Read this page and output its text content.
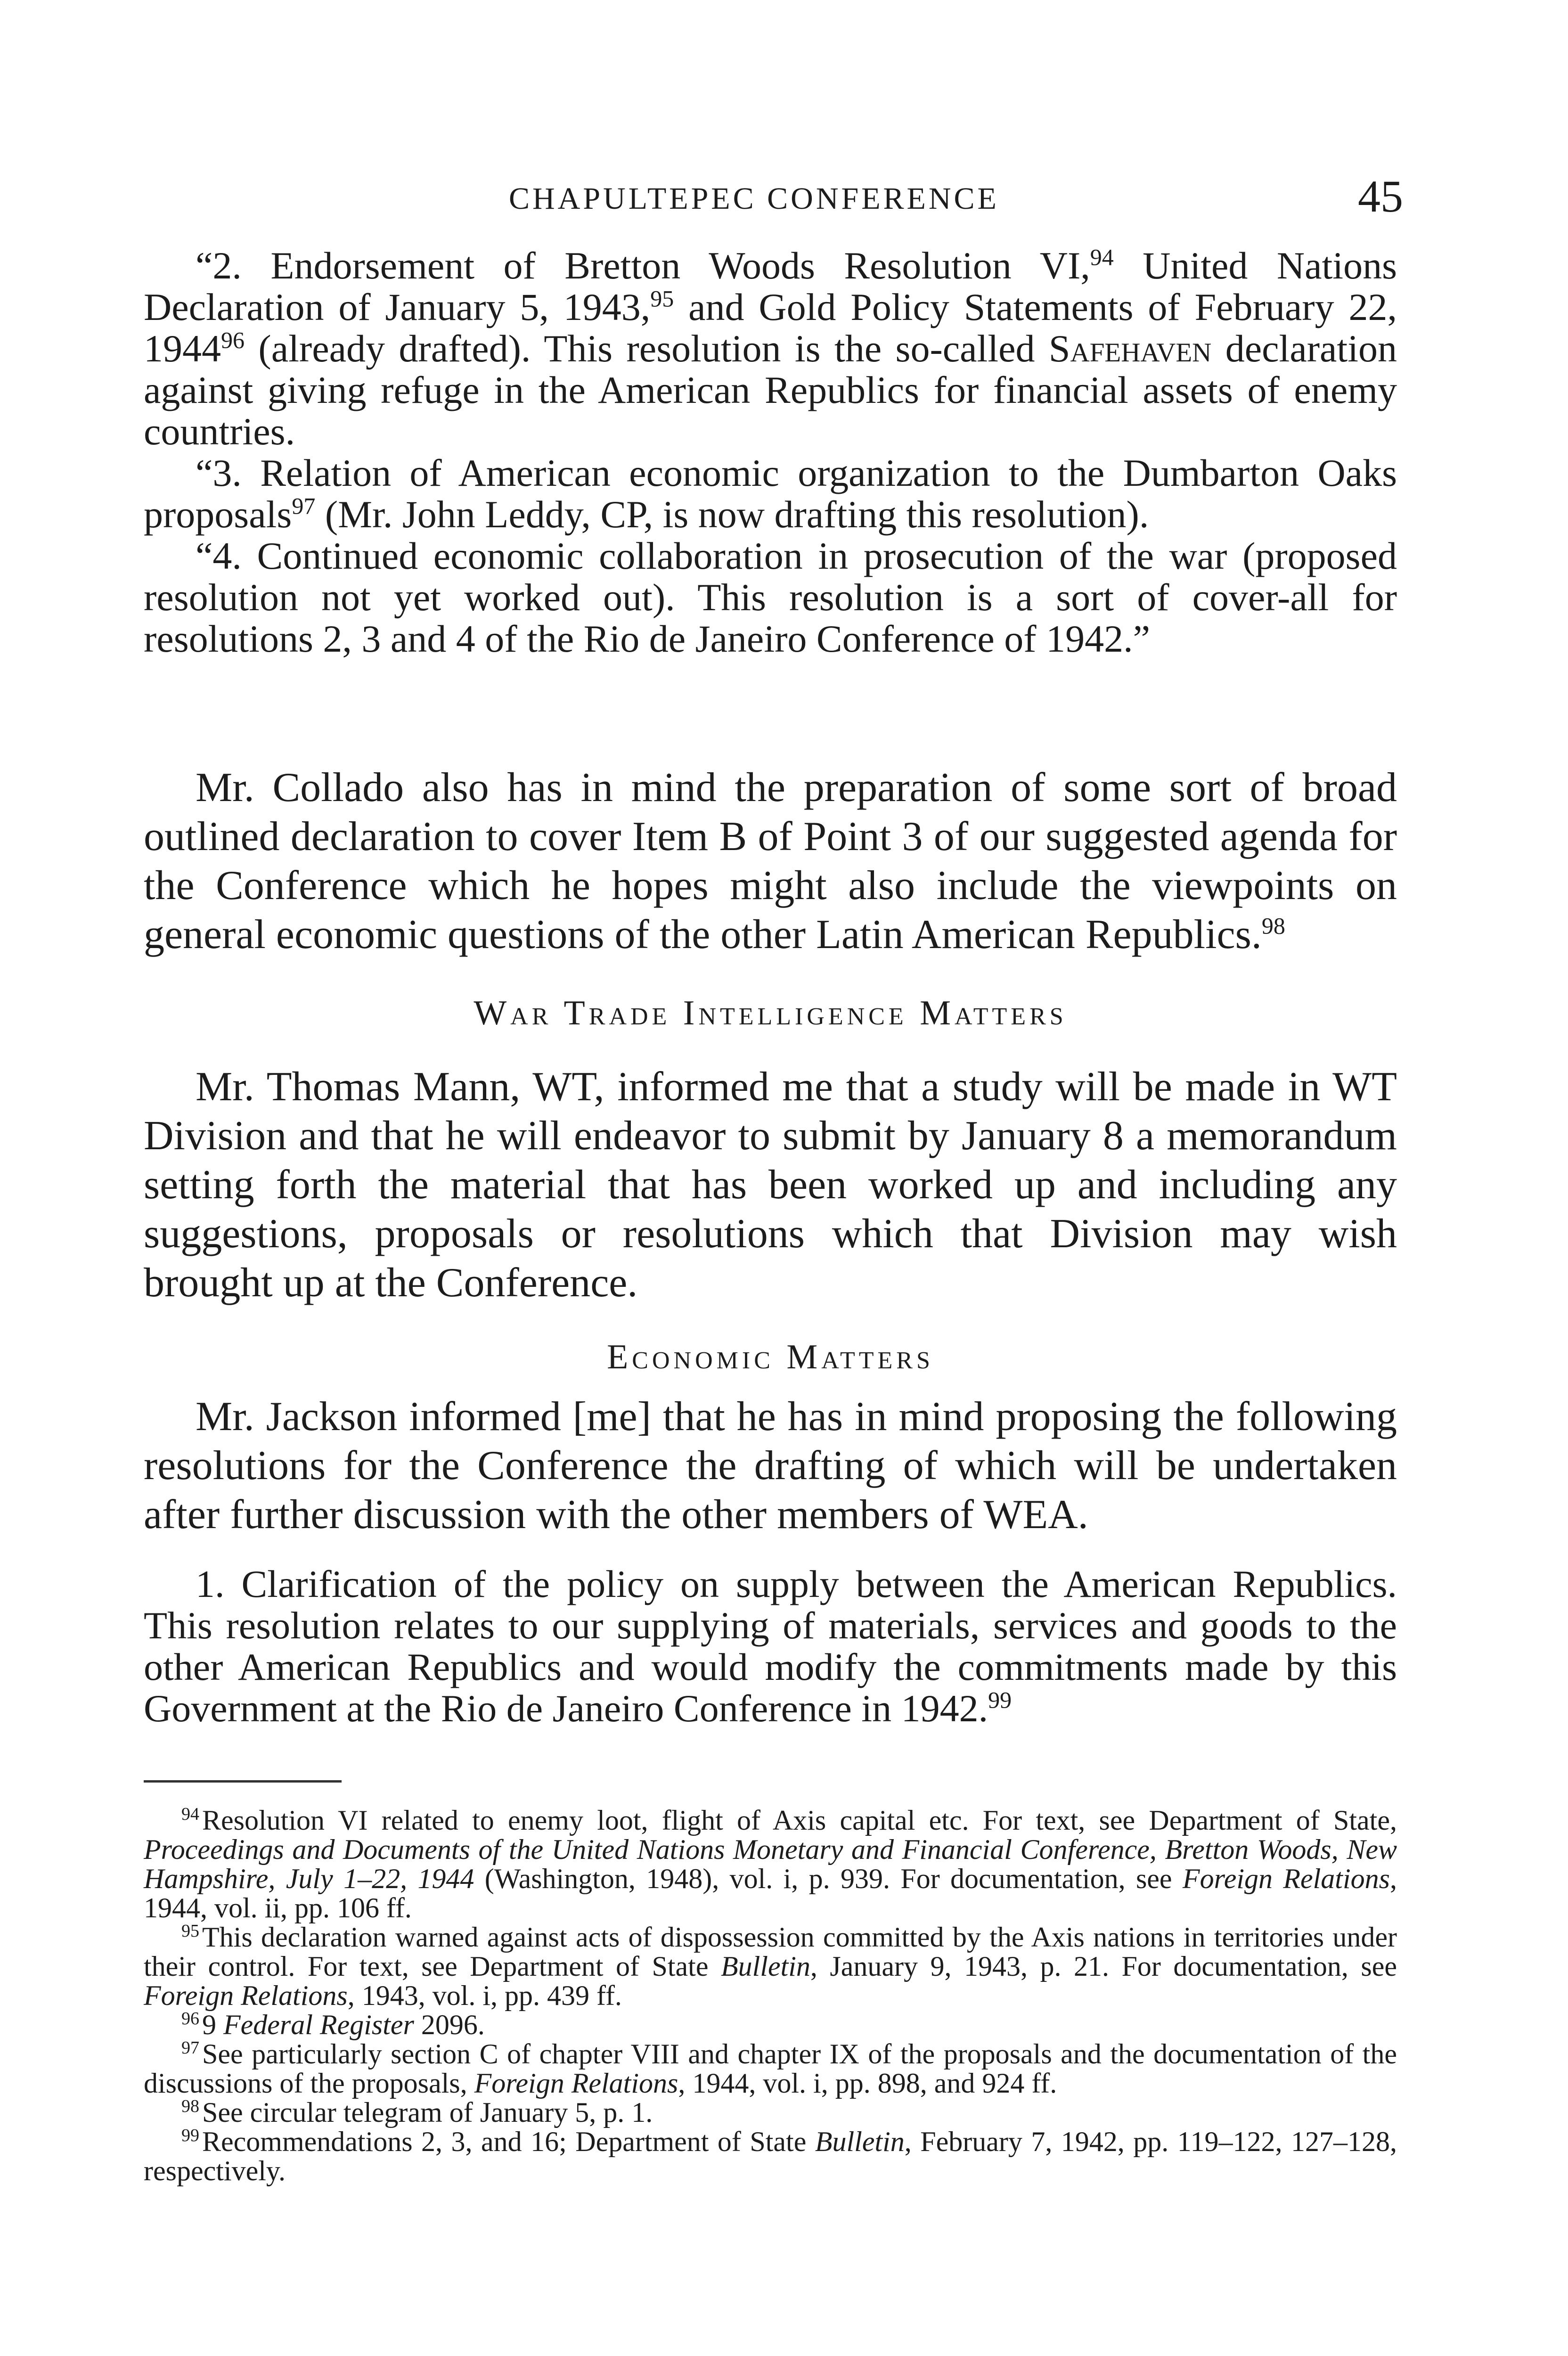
CHAPULTEPEC CONFERENCE	45

“2. Endorsement of Bretton Woods Resolution VI,$^{94}$ United Nations Declaration of January 5, 1943,95 and Gold Policy Statements of February 22, 1944$^{96}$ (already drafted). This resolution is the so-called Safehaven declaration against giving refuge in the American Republics for financial assets of enemy countries.

“3. Relation of American economic organization to the Dumbarton Oaks proposals$^{97}$ (Mr. John Leddy, CP, is now drafting this resolution).

“4. Continued economic collaboration in prosecution of the war (proposed resolution not yet worked out). This resolution is a sort of cover-all for resolutions 2, 3 and 4 of the Rio de Janeiro Conference of 1942.”

Mr. Collado also has in mind the preparation of some sort of broad outlined declaration to cover Item B of Point 3 of our suggested agenda for the Conference which he hopes might also include the viewpoints on general economic questions of the other Latin American Republics.$^{98}$

War Trade Intelligence Matters

Mr. Thomas Mann, WT, informed me that a study will be made in WT Division and that he will endeavor to submit by January 8 a memorandum setting forth the material that has been worked up and including any suggestions, proposals or resolutions which that Division may wish brought up at the Conference.

Economic Matters

Mr. Jackson informed [me] that he has in mind proposing the following resolutions for the Conference the drafting of which will be undertaken after further discussion with the other members of WEA.

1. Clarification of the policy on supply between the American Republics. This resolution relates to our supplying of materials, services and goods to the other American Republics and would modify the commitments made by this Government at the Rio de Janeiro Conference in 1942.99

$^{94}$ Resolution VI related to enemy loot, flight of Axis capital etc. For text, see Department of State, Proceedings and Documents of the United Nations Monetary and Financial Conference, Bretton Woods, New Hampshire, July 1–22, 1944 (Washington, 1948), vol. i, p. 939. For documentation, see Foreign Relations, 1944, vol. ii, pp. 106 ff.

$^{95}$ This declaration warned against acts of dispossession committed by the Axis nations in territories under their control. For text, see Department of State Bulletin, January 9, 1943, p. 21. For documentation, see Foreign Relations, 1943, vol. i, pp. 439 ff.

$^{96}$ 9 Federal Register 2096.

$^{97}$ See particularly section C of chapter VIII and chapter IX of the proposals and the documentation of the discussions of the proposals, Foreign Relations, 1944, vol. i, pp. 898, and 924 ff.

$^{98}$ See circular telegram of January 5, p. 1.

$^{99}$ Recommendations 2, 3, and 16; Department of State Bulletin, February 7, 1942, pp. 119–122, 127–128, respectively.
